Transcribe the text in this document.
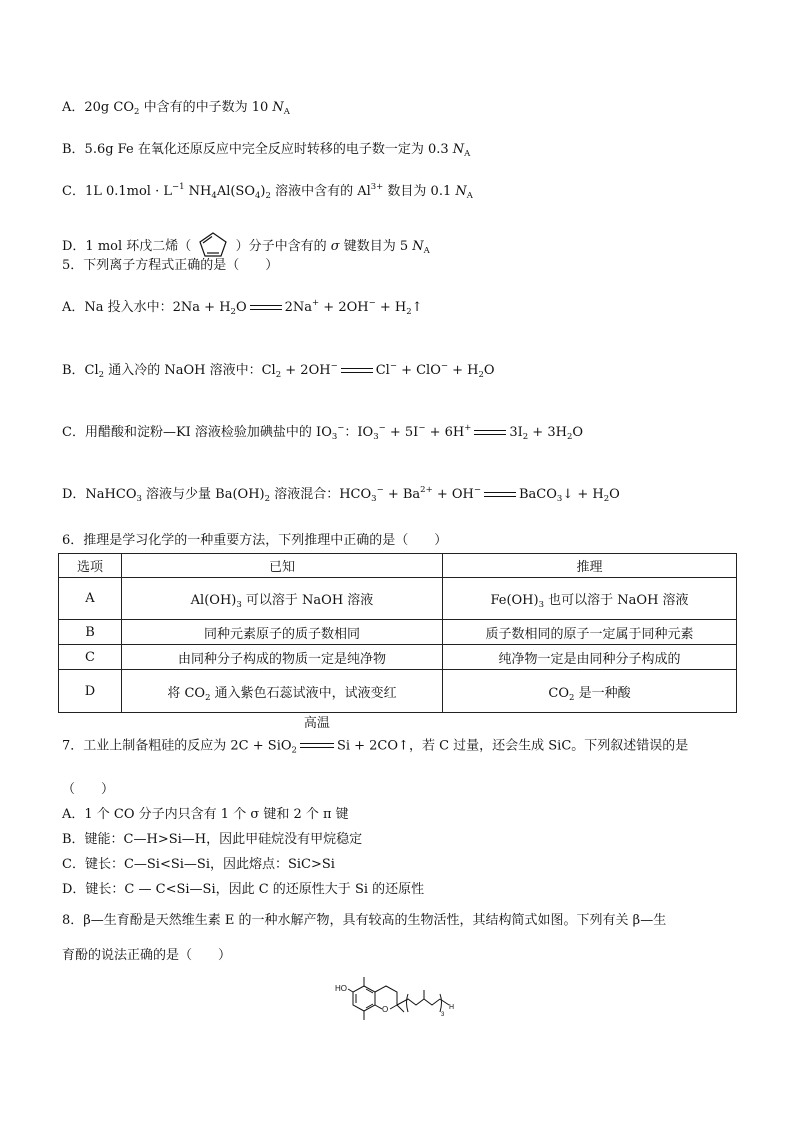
A．20g $CO_2$ 中含有的中子数为 10 $N_A$
B．5.6g Fe 在氧化还原反应中完全反应时转移的电子数一定为 0.3 $N_A$
C．1L $0.1mol \cdot L^{-1}$ $NH_4Al(SO_4)_2$ 溶液中含有的 $Al^{3+}$ 数目为 0.1 $N_A$
D．1 mol 环戊二烯（	）分子中含有的 σ 键数目为 5 $N_A$
5．下列离子方程式正确的是（　　）
A．Na 投入水中：$2Na + H_2O$	$2Na^+ + 2OH^- + H_2↑$
B．$Cl_2$ 通入冷的 NaOH 溶液中：$Cl_2 + 2OH^-$	$Cl^- + ClO^- + H_2O$
C．用醋酸和淀粉—KI 溶液检验加碘盐中的 $IO_3^-$：$IO_3^- + 5I^- + 6H^+$	$3I_2 + 3H_2O$
D．NaHCO$_3$ 溶液与少量 $Ba(OH)_2$ 溶液混合：$HCO_3^- + Ba^{2+} + OH^-$	BaCO$_3$↓ + $H_2O$
6．推理是学习化学的一种重要方法，下列推理中正确的是（　　）
选项	已知	推理
A	$Al(OH)_3$ 可以溶于 NaOH 溶液	$Fe(OH)_3$ 也可以溶于 NaOH 溶液
B	同种元素原子的质子数相同	质子数相同的原子一定属于同种元素
C	由同种分子构成的物质一定是纯净物	纯净物一定是由同种分子构成的
D	将 $CO_2$ 通入紫色石蕊试液中，试液变红	$CO_2$ 是一种酸
7．工业上制备粗硅的反应为 2C + SiO$_2$
高温
Si + 2CO↑，若 C 过量，还会生成 SiC。下列叙述错误的是
（　　）
A．1 个 CO 分子内只含有 1 个 σ 键和 2 个 π 键
B．键能：C—H>Si—H，因此甲硅烷没有甲烷稳定
C．键长：C—Si<Si—Si，因此熔点：SiC>Si
D．键长：C — C<Si—Si，因此 C 的还原性大于 Si 的还原性
8．β—生育酚是天然维生素 E 的一种水解产物，具有较高的生物活性，其结构简式如图。下列有关 β—生
育酚的说法正确的是（　　）
HO
O
3
H
